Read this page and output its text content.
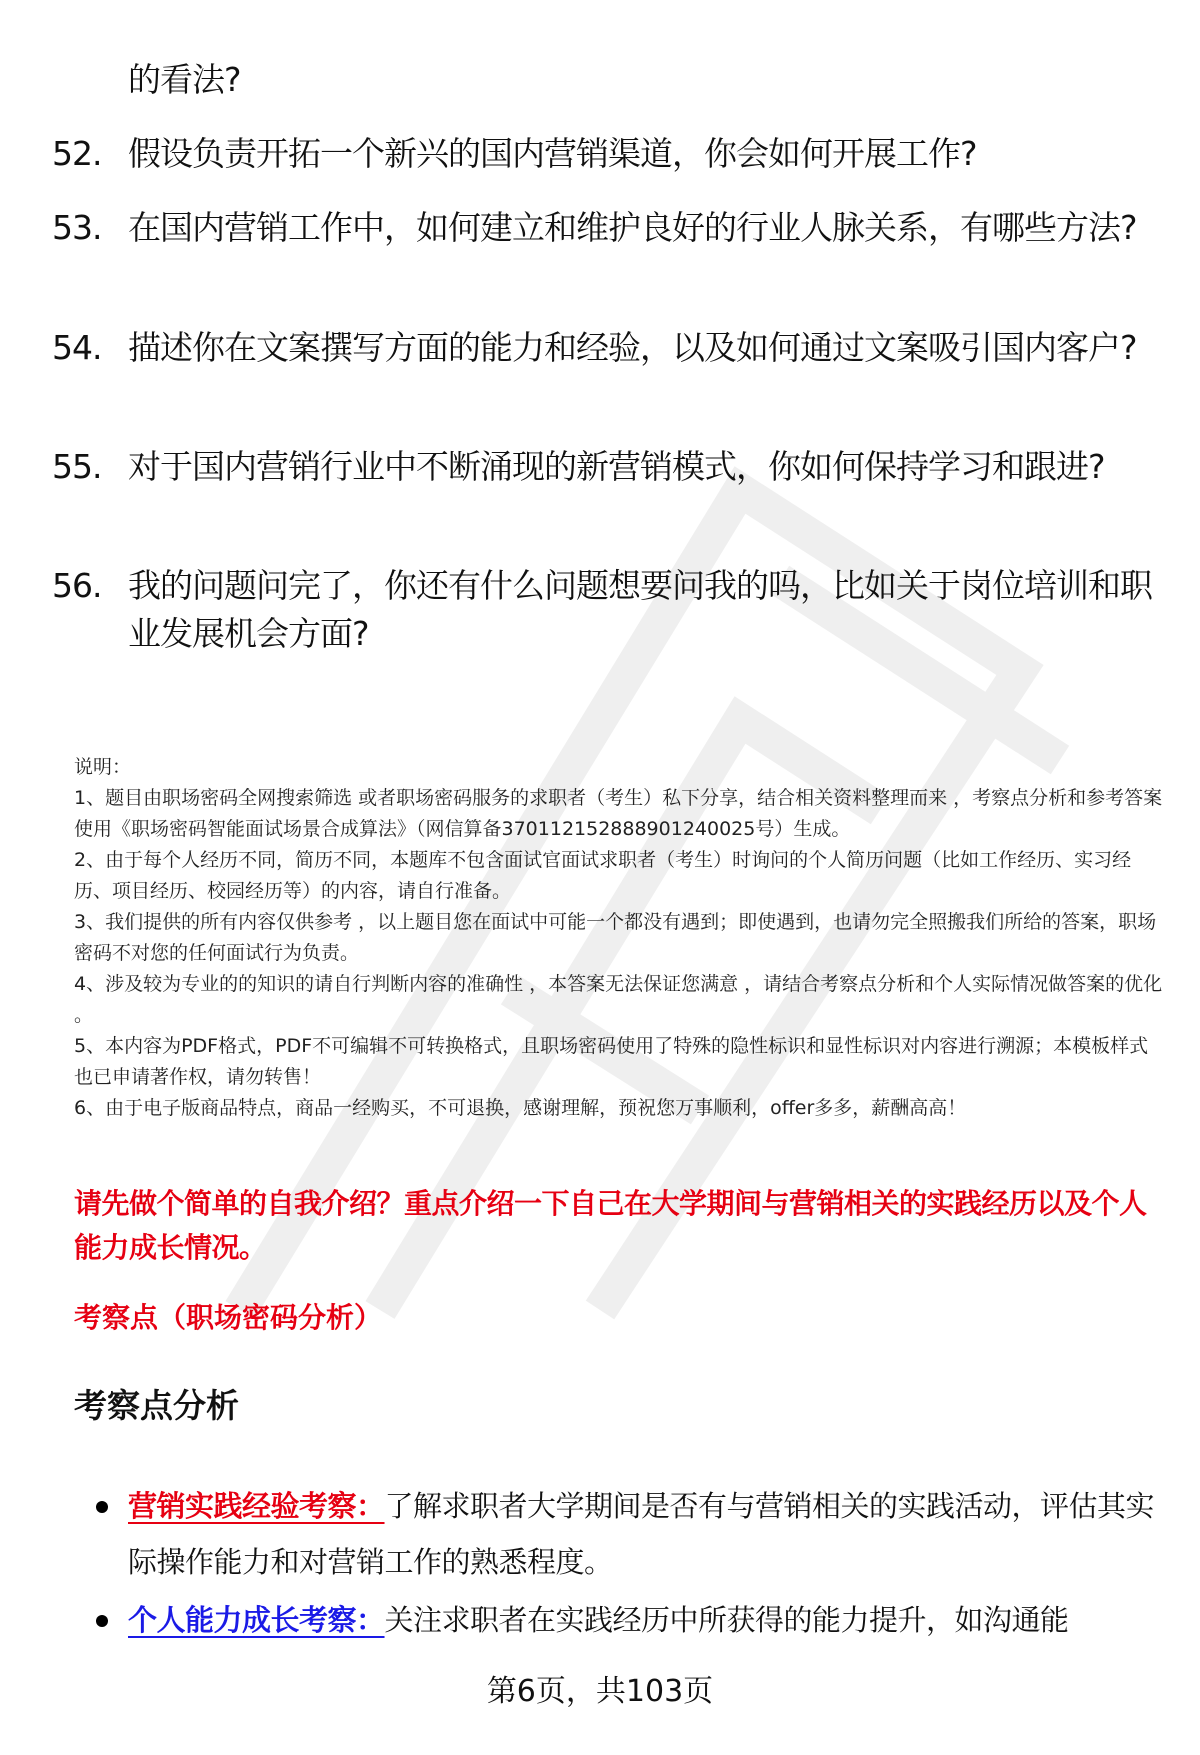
的看法?
52. 假设负责开拓一个新兴的国内营销渠道，你会如何开展工作?
53. 在国内营销工作中，如何建立和维护良好的行业人脉关系，有哪些方法?
54. 描述你在文案撰写方面的能力和经验，以及如何通过文案吸引国内客户?
55. 对于国内营销行业中不断涌现的新营销模式，你如何保持学习和跟进?
56. 我的问题问完了，你还有什么问题想要问我的吗，比如关于岗位培训和职业发展机会方面?

说明：

1、题目由职场密码全网搜索筛选 或者职场密码服务的求职者（考生）私下分享，结合相关资料整理而来 ，考察点分析和参考答案使用《职场密码智能面试场景合成算法》（网信算备370112152888901240025号）生成。

2、由于每个人经历不同，简历不同，本题库不包含面试官面试求职者（考生）时询问的个人简历问题（比如工作经历、实习经历、项目经历、校园经历等）的内容，请自行准备。

3、我们提供的所有内容仅供参考 ，以上题目您在面试中可能一个都没有遇到；即使遇到，也请勿完全照搬我们所给的答案，职场密码不对您的任何面试行为负责。

4、涉及较为专业的的知识的请自行判断内容的准确性 ，本答案无法保证您满意 ，请结合考察点分析和个人实际情况做答案的优化 。

5、本内容为PDF格式，PDF不可编辑不可转换格式，且职场密码使用了特殊的隐性标识和显性标识对内容进行溯源；本模板样式也已申请著作权，请勿转售！

6、由于电子版商品特点，商品一经购买，不可退换，感谢理解，预祝您万事顺利，offer多多，薪酬高高！

请先做个简单的自我介绍？重点介绍一下自己在大学期间与营销相关的实践经历以及个人能力成长情况。
考察点（职场密码分析）
考察点分析
营销实践经验考察：了解求职者大学期间是否有与营销相关的实践活动，评估其实际操作能力和对营销工作的熟悉程度。
个人能力成长考察：关注求职者在实践经历中所获得的能力提升，如沟通能
第6页，共103页
